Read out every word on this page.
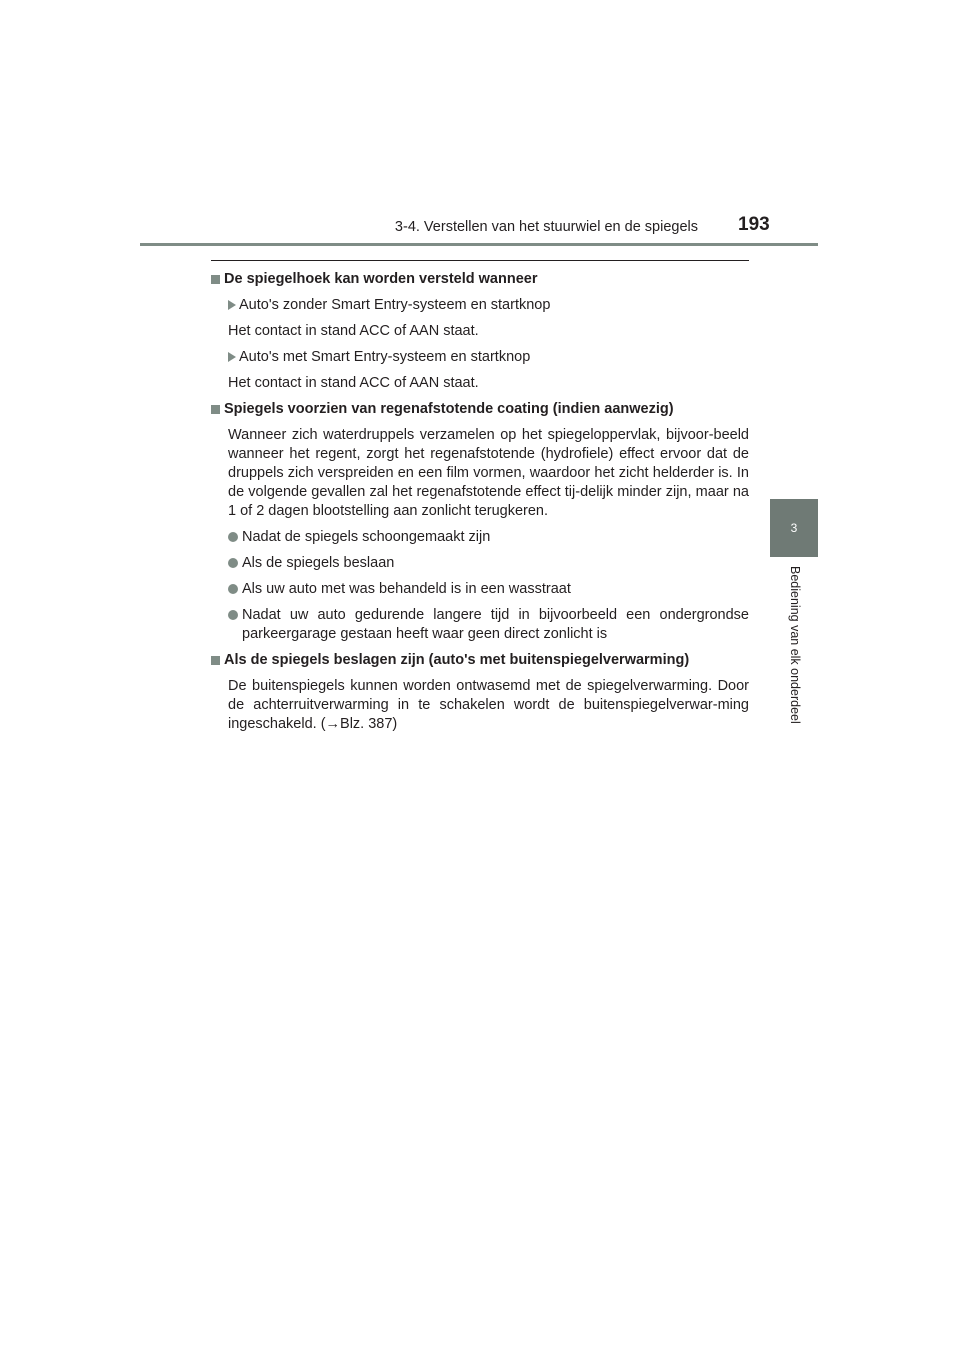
3-4. Verstellen van het stuurwiel en de spiegels 193
3
Bediening van elk onderdeel
De spiegelhoek kan worden versteld wanneer
Auto's zonder Smart Entry-systeem en startknop
Het contact in stand ACC of AAN staat.
Auto's met Smart Entry-systeem en startknop
Het contact in stand ACC of AAN staat.
Spiegels voorzien van regenafstotende coating (indien aanwezig)
Wanneer zich waterdruppels verzamelen op het spiegeloppervlak, bijvoor-beeld wanneer het regent, zorgt het regenafstotende (hydrofiele) effect ervoor dat de druppels zich verspreiden en een film vormen, waardoor het zicht helderder is. In de volgende gevallen zal het regenafstotende effect tij-delijk minder zijn, maar na 1 of 2 dagen blootstelling aan zonlicht terugkeren.
Nadat de spiegels schoongemaakt zijn
Als de spiegels beslaan
Als uw auto met was behandeld is in een wasstraat
Nadat uw auto gedurende langere tijd in bijvoorbeeld een ondergrondse parkeergarage gestaan heeft waar geen direct zonlicht is
Als de spiegels beslagen zijn (auto's met buitenspiegelverwarming)
De buitenspiegels kunnen worden ontwasemd met de spiegelverwarming. Door de achterruitverwarming in te schakelen wordt de buitenspiegelverwar-ming ingeschakeld. (→Blz. 387)
